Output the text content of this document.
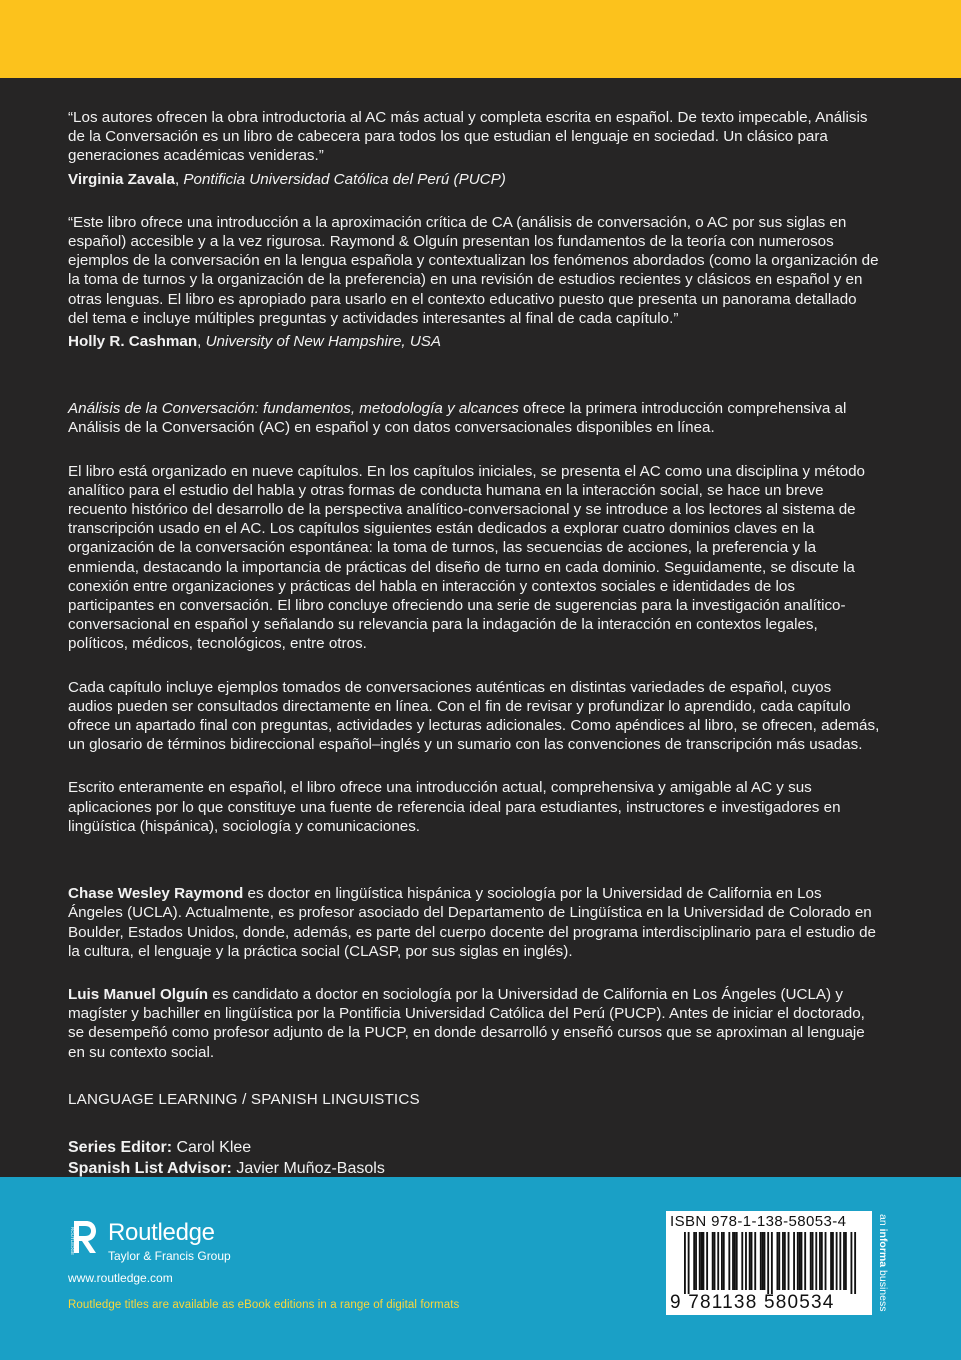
“Los autores ofrecen la obra introductoria al AC más actual y completa escrita en español. De texto impecable, Análisis de la Conversación es un libro de cabecera para todos los que estudian el lenguaje en sociedad. Un clásico para generaciones académicas venideras.”

Virginia Zavala, Pontificia Universidad Católica del Perú (PUCP)

“Este libro ofrece una introducción a la aproximación crítica de CA (análisis de conversación, o AC por sus siglas en español) accesible y a la vez rigurosa. Raymond & Olguín presentan los fundamentos de la teoría con numerosos ejemplos de la conversación en la lengua española y contextualizan los fenómenos abordados (como la organización de la toma de turnos y la organización de la preferencia) en una revisión de estudios recientes y clásicos en español y en otras lenguas. El libro es apropiado para usarlo en el contexto educativo puesto que presenta un panorama detallado del tema e incluye múltiples preguntas y actividades interesantes al final de cada capítulo.”

Holly R. Cashman, University of New Hampshire, USA

Análisis de la Conversación: fundamentos, metodología y alcances ofrece la primera introducción comprehensiva al Análisis de la Conversación (AC) en español y con datos conversacionales disponibles en línea.

El libro está organizado en nueve capítulos. En los capítulos iniciales, se presenta el AC como una disciplina y método analítico para el estudio del habla y otras formas de conducta humana en la interacción social, se hace un breve recuento histórico del desarrollo de la perspectiva analítico-conversacional y se introduce a los lectores al sistema de transcripción usado en el AC. Los capítulos siguientes están dedicados a explorar cuatro dominios claves en la organización de la conversación espontánea: la toma de turnos, las secuencias de acciones, la preferencia y la enmienda, destacando la importancia de prácticas del diseño de turno en cada dominio. Seguidamente, se discute la conexión entre organizaciones y prácticas del habla en interacción y contextos sociales e identidades de los participantes en conversación. El libro concluye ofreciendo una serie de sugerencias para la investigación analítico-conversacional en español y señalando su relevancia para la indagación de la interacción en contextos legales, políticos, médicos, tecnológicos, entre otros.

Cada capítulo incluye ejemplos tomados de conversaciones auténticas en distintas variedades de español, cuyos audios pueden ser consultados directamente en línea. Con el fin de revisar y profundizar lo aprendido, cada capítulo ofrece un apartado final con preguntas, actividades y lecturas adicionales. Como apéndices al libro, se ofrecen, además, un glosario de términos bidireccional español–inglés y un sumario con las convenciones de transcripción más usadas.

Escrito enteramente en español, el libro ofrece una introducción actual, comprehensiva y amigable al AC y sus aplicaciones por lo que constituye una fuente de referencia ideal para estudiantes, instructores e investigadores en lingüística (hispánica), sociología y comunicaciones.

Chase Wesley Raymond es doctor en lingüística hispánica y sociología por la Universidad de California en Los Ángeles (UCLA). Actualmente, es profesor asociado del Departamento de Lingüística en la Universidad de Colorado en Boulder, Estados Unidos, donde, además, es parte del cuerpo docente del programa interdisciplinario para el estudio de la cultura, el lenguaje y la práctica social (CLASP, por sus siglas en inglés).

Luis Manuel Olguín es candidato a doctor en sociología por la Universidad de California en Los Ángeles (UCLA) y magíster y bachiller en lingüística por la Pontificia Universidad Católica del Perú (PUCP). Antes de iniciar el doctorado, se desempeñó como profesor adjunto de la PUCP, en donde desarrolló y enseñó cursos que se aproximan al lenguaje en su contexto social.

LANGUAGE LEARNING / SPANISH LINGUISTICS

Series Editor: Carol Klee
Spanish List Advisor: Javier Muñoz-Basols
ROUTLEDGE Routledge
Taylor & Francis Group
www.routledge.com
Routledge titles are available as eBook editions in a range of digital formats
ISBN 978-1-138-58053-4
9 781138 580534
an informa business
